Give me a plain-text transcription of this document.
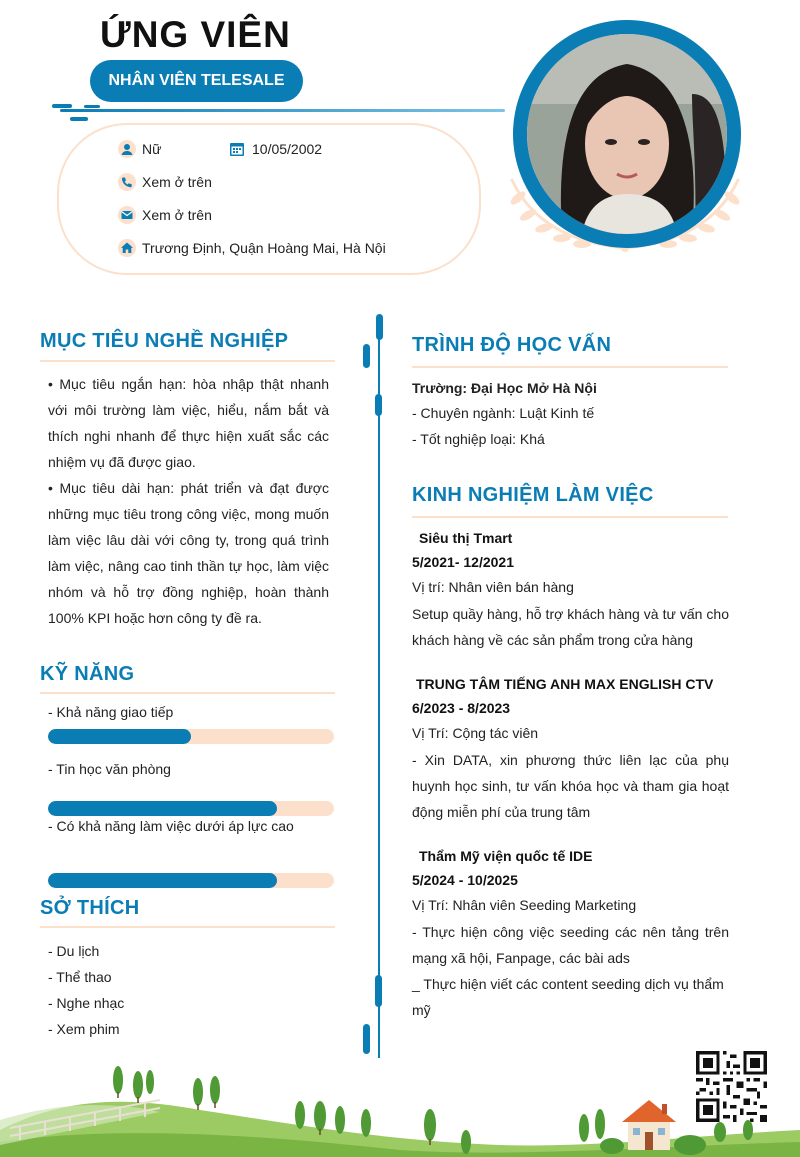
ỨNG VIÊN
NHÂN VIÊN TELESALE
Nữ	10/05/2002
Xem ở trên
Xem ở trên
Trương Định, Quận Hoàng Mai, Hà Nội
MỤC TIÊU NGHỀ NGHIỆP
• Mục tiêu ngắn hạn: hòa nhập thật nhanh với môi trường làm việc, hiểu, nắm bắt và thích nghi nhanh để thực hiện xuất sắc các nhiệm vụ đã được giao.
• Mục tiêu dài hạn: phát triển và đạt được những mục tiêu trong công việc, mong muốn làm việc lâu dài với công ty, trong quá trình làm việc, nâng cao tinh thần tự học, làm việc nhóm và hỗ trợ đồng nghiệp, hoàn thành 100% KPI hoặc hơn công ty đề ra.
KỸ NĂNG
- Khả năng giao tiếp
- Tin học văn phòng
- Có khả năng làm việc dưới áp lực cao
SỞ THÍCH
- Du lịch
- Thể thao
- Nghe nhạc
- Xem phim
TRÌNH ĐỘ HỌC VẤN
Trường: Đại Học Mở Hà Nội
- Chuyên ngành: Luật Kinh tế
- Tốt nghiệp loại: Khá
KINH NGHIỆM LÀM VIỆC
Siêu thị Tmart
5/2021- 12/2021
Vị trí: Nhân viên bán hàng
Setup quầy hàng, hỗ trợ khách hàng và tư vấn cho khách hàng về các sản phẩm trong cửa hàng
TRUNG TÂM TIẾNG ANH MAX ENGLISH CTV
6/2023 - 8/2023
Vị Trí: Cộng tác viên
- Xin DATA, xin phương thức liên lạc của phụ huynh học sinh, tư vấn khóa học và tham gia hoạt động miễn phí của trung tâm
Thẩm Mỹ viện quốc tế IDE
5/2024 - 10/2025
Vị Trí: Nhân viên Seeding Marketing
- Thực hiện công việc seeding các nên tảng trên mạng xã hội, Fanpage, các bài ads
_ Thực hiện viết các content seeding dịch vụ thẩm mỹ
